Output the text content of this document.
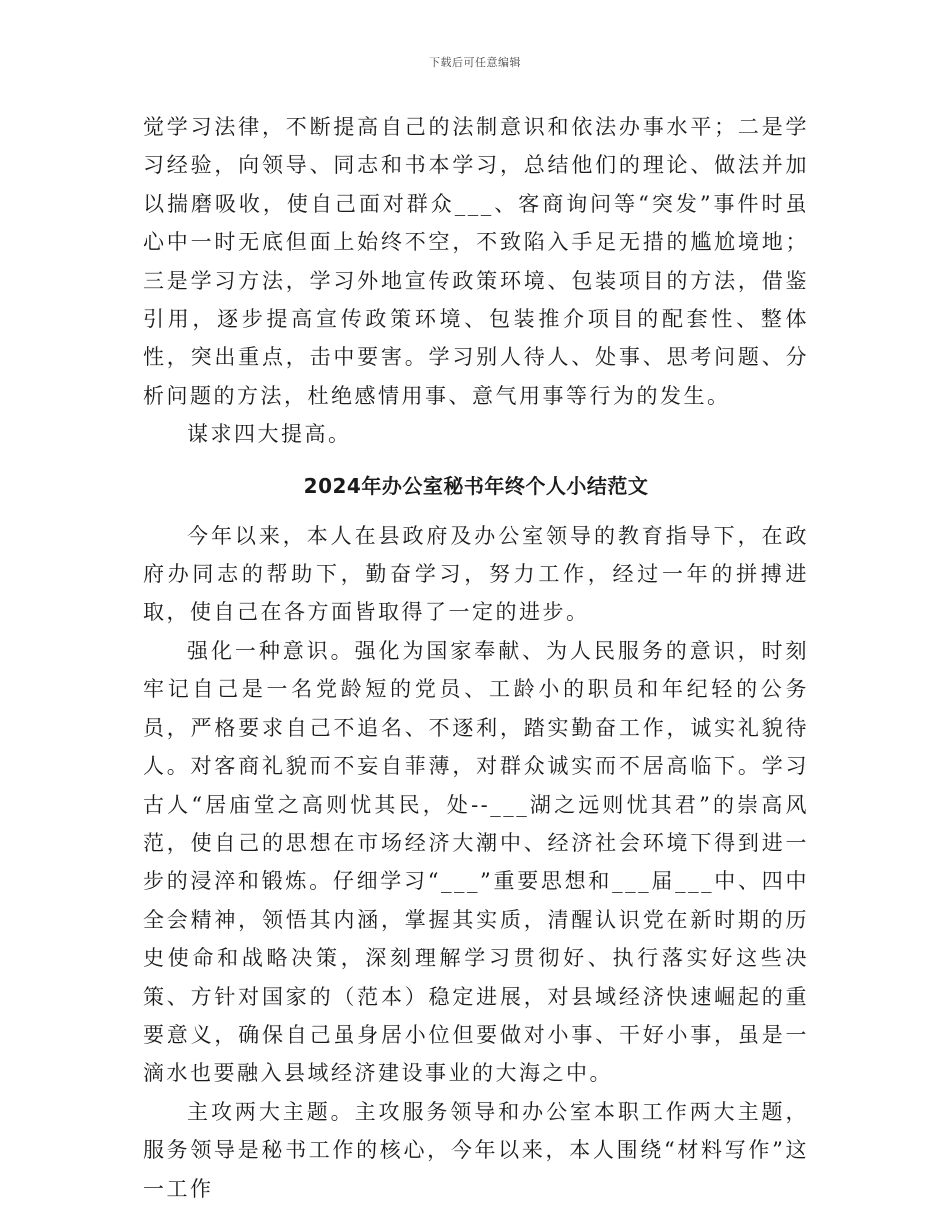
下载后可任意编辑

觉学习法律，不断提高自己的法制意识和依法办事水平；二是学习经验，向领导、同志和书本学习，总结他们的理论、做法并加以揣磨吸收，使自己面对群众___、客商询问等“突发”事件时虽心中一时无底但面上始终不空，不致陷入手足无措的尴尬境地；三是学习方法，学习外地宣传政策环境、包装项目的方法，借鉴引用，逐步提高宣传政策环境、包装推介项目的配套性、整体性，突出重点，击中要害。学习别人待人、处事、思考问题、分析问题的方法，杜绝感情用事、意气用事等行为的发生。

谋求四大提高。

2024年办公室秘书年终个人小结范文

今年以来，本人在县政府及办公室领导的教育指导下，在政府办同志的帮助下，勤奋学习，努力工作，经过一年的拼搏进取，使自己在各方面皆取得了一定的进步。

强化一种意识。强化为国家奉献、为人民服务的意识，时刻牢记自己是一名党龄短的党员、工龄小的职员和年纪轻的公务员，严格要求自己不追名、不逐利，踏实勤奋工作，诚实礼貌待人。对客商礼貌而不妄自菲薄，对群众诚实而不居高临下。学习古人“居庙堂之高则忧其民，处--___湖之远则忧其君”的崇高风范，使自己的思想在市场经济大潮中、经济社会环境下得到进一步的浸淬和锻炼。仔细学习“___”重要思想和___届___中、四中全会精神，领悟其内涵，掌握其实质，清醒认识党在新时期的历史使命和战略决策，深刻理解学习贯彻好、执行落实好这些决策、方针对国家的（范本）稳定进展，对县域经济快速崛起的重要意义，确保自己虽身居小位但要做对小事、干好小事，虽是一滴水也要融入县域经济建设事业的大海之中。

主攻两大主题。主攻服务领导和办公室本职工作两大主题，服务领导是秘书工作的核心，今年以来，本人围绕“材料写作”这一工作
